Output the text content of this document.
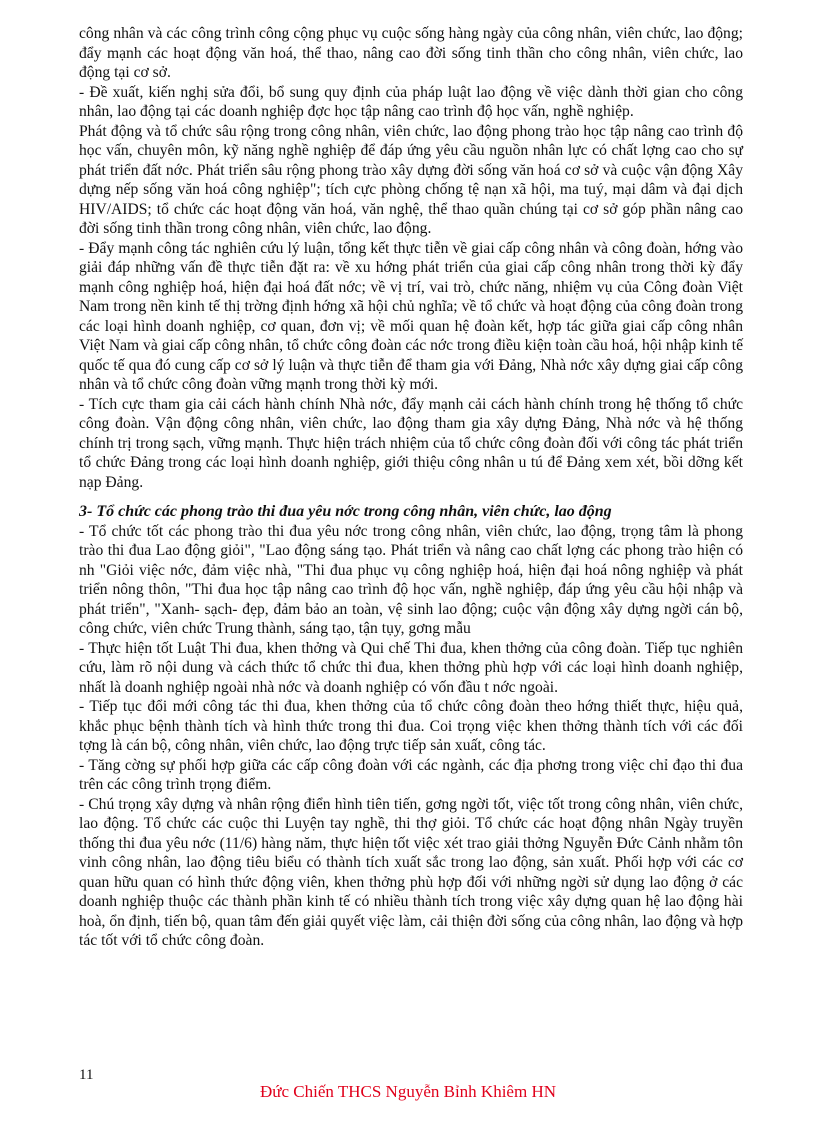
công nhân và các công trình công cộng phục vụ cuộc sống hàng ngày của công nhân, viên chức, lao động; đẩy mạnh các hoạt động văn hoá, thể thao, nâng cao đời sống tinh thần cho công nhân, viên chức, lao động tại cơ sở.

- Đề xuất, kiến nghị sửa đổi, bổ sung quy định của pháp luật lao động về việc dành thời gian cho công nhân, lao động tại các doanh nghiệp đợc học tập nâng cao trình độ học vấn, nghề nghiệp.

Phát động và tổ chức sâu rộng trong công nhân, viên chức, lao động phong trào học tập nâng cao trình độ học vấn, chuyên môn, kỹ năng nghề nghiệp để đáp ứng yêu cầu nguồn nhân lực có chất lợng cao cho sự phát triển đất nớc. Phát triển sâu rộng phong trào xây dựng đời sống văn hoá cơ sở và cuộc vận động Xây dựng nếp sống văn hoá công nghiệp"; tích cực phòng chống tệ nạn xã hội, ma tuý, mại dâm và đại dịch HIV/AIDS; tổ chức các hoạt động văn hoá, văn nghệ, thể thao quần chúng tại cơ sở góp phần nâng cao đời sống tinh thần trong công nhân, viên chức, lao động.

- Đẩy mạnh công tác nghiên cứu lý luận, tổng kết thực tiễn về giai cấp công nhân và công đoàn, hớng vào giải đáp những vấn đề thực tiễn đặt ra: về xu hớng phát triển của giai cấp công nhân trong thời kỳ đẩy mạnh công nghiệp hoá, hiện đại hoá đất nớc; về vị trí, vai trò, chức năng, nhiệm vụ của Công đoàn Việt Nam trong nền kinh tế thị trờng định hớng xã hội chủ nghĩa; về tổ chức và hoạt động của công đoàn trong các loại hình doanh nghiệp, cơ quan, đơn vị; về mối quan hệ đoàn kết, hợp tác giữa giai cấp công nhân Việt Nam và giai cấp công nhân, tổ chức công đoàn các nớc trong điều kiện toàn cầu hoá, hội nhập kinh tế quốc tế qua đó cung cấp cơ sở lý luận và thực tiễn để tham gia với Đảng, Nhà nớc xây dựng giai cấp công nhân và tổ chức công đoàn vững mạnh trong thời kỳ mới.

- Tích cực tham gia cải cách hành chính Nhà nớc, đẩy mạnh cải cách hành chính trong hệ thống tổ chức công đoàn. Vận động công nhân, viên chức, lao động tham gia xây dựng Đảng, Nhà nớc và hệ thống chính trị trong sạch, vững mạnh. Thực hiện trách nhiệm của tổ chức công đoàn đối với công tác phát triển tổ chức Đảng trong các loại hình doanh nghiệp, giới thiệu công nhân u tú để Đảng xem xét, bồi dỡng kết nạp Đảng.

3- Tổ chức các phong trào thi đua yêu nớc trong công nhân, viên chức, lao động

- Tổ chức tốt các phong trào thi đua yêu nớc trong công nhân, viên chức, lao động, trọng tâm là phong trào thi đua Lao động giỏi", "Lao động sáng tạo. Phát triển và nâng cao chất lợng các phong trào hiện có nh "Giỏi việc nớc, đảm việc nhà, "Thi đua phục vụ công nghiệp hoá, hiện đại hoá nông nghiệp và phát triển nông thôn, "Thi đua học tập nâng cao trình độ học vấn, nghề nghiệp, đáp ứng yêu cầu hội nhập và phát triển", "Xanh- sạch- đẹp, đảm bảo an toàn, vệ sinh lao động; cuộc vận động xây dựng ngời cán bộ, công chức, viên chức Trung thành, sáng tạo, tận tụy, gơng mẫu

- Thực hiện tốt Luật Thi đua, khen thởng và Qui chế Thi đua, khen thởng của công đoàn. Tiếp tục nghiên cứu, làm rõ nội dung và cách thức tổ chức thi đua, khen thởng phù hợp với các loại hình doanh nghiệp, nhất là doanh nghiệp ngoài nhà nớc và doanh nghiệp có vốn đầu t nớc ngoài.

- Tiếp tục đổi mới công tác thi đua, khen thởng của tổ chức công đoàn theo hớng thiết thực, hiệu quả, khắc phục bệnh thành tích và hình thức trong thi đua. Coi trọng việc khen thởng thành tích với các đối tợng là cán bộ, công nhân, viên chức, lao động trực tiếp sản xuất, công tác.

- Tăng cờng sự phối hợp giữa các cấp công đoàn với các ngành, các địa phơng trong việc chỉ đạo thi đua trên các công trình trọng điểm.

- Chú trọng xây dựng và nhân rộng điển hình tiên tiến, gơng ngời tốt, việc tốt trong công nhân, viên chức, lao động. Tổ chức các cuộc thi Luyện tay nghề, thi thợ giỏi. Tổ chức các hoạt động nhân Ngày truyền thống thi đua yêu nớc (11/6) hàng năm, thực hiện tốt việc xét trao giải thởng Nguyễn Đức Cảnh nhằm tôn vinh công nhân, lao động tiêu biểu có thành tích xuất sắc trong lao động, sản xuất. Phối hợp với các cơ quan hữu quan có hình thức động viên, khen thởng phù hợp đối với những ngời sử dụng lao động ở các doanh nghiệp thuộc các thành phần kinh tế có nhiều thành tích trong việc xây dựng quan hệ lao động hài hoà, ổn định, tiến bộ, quan tâm đến giải quyết việc làm, cải thiện đời sống của công nhân, lao động và hợp tác tốt với tổ chức công đoàn.

11
Đức Chiến THCS Nguyễn Bỉnh Khiêm HN
